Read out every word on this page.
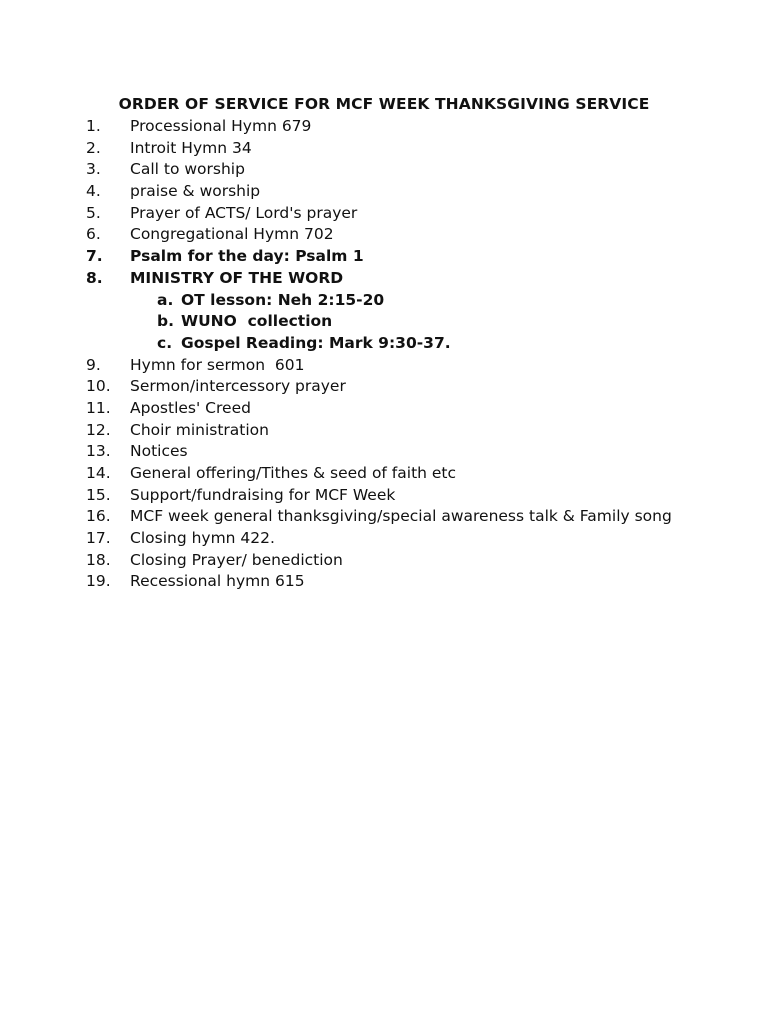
ORDER OF SERVICE FOR MCF WEEK THANKSGIVING SERVICE
1.	Processional Hymn 679
2.	Introit Hymn 34
3.	Call to worship
4.	praise & worship
5.	Prayer of ACTS/ Lord's prayer
6.	Congregational Hymn 702
7.	Psalm for the day: Psalm 1
8.	MINISTRY OF THE WORD
a. OT lesson: Neh 2:15-20
b. WUNO  collection
c. Gospel Reading: Mark 9:30-37.
9.	Hymn for sermon  601
10.	Sermon/intercessory prayer
11.	Apostles' Creed
12.	Choir ministration
13.	Notices
14.	General offering/Tithes & seed of faith etc
15.	Support/fundraising for MCF Week
16.	MCF week general thanksgiving/special awareness talk & Family song
17.	Closing hymn 422.
18.	Closing Prayer/ benediction
19.	Recessional hymn 615
